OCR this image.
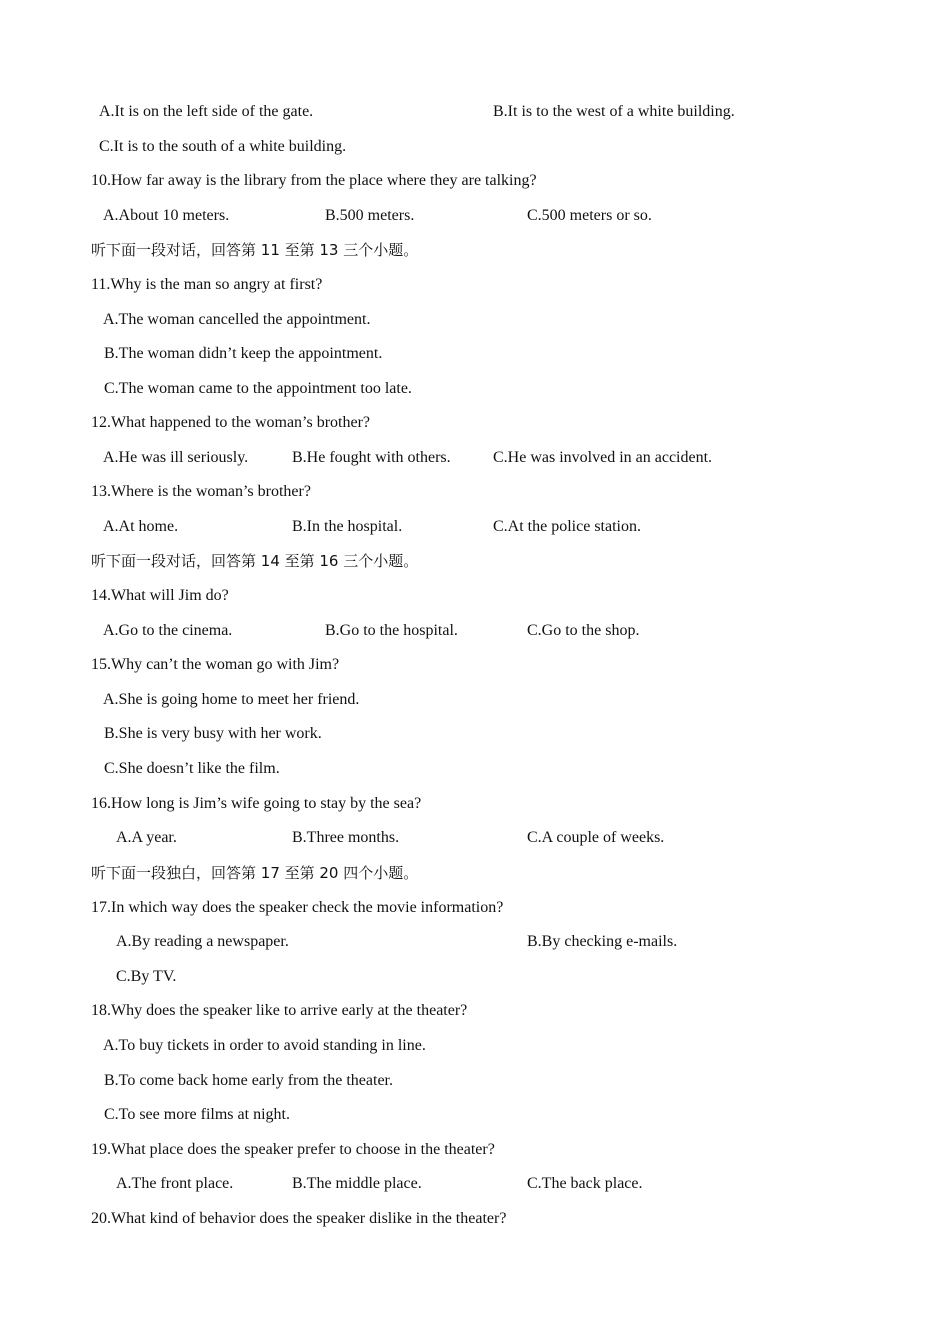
A.It is on the left side of the gate.	B.It is to the west of a white building.
C.It is to the south of a white building.
10.How far away is the library from the place where they are talking?
A.About 10 meters.	B.500 meters.	C.500 meters or so.
听下面一段对话，回答第 11 至第 13 三个小题。
11.Why is the man so angry at first?
A.The woman cancelled the appointment.
B.The woman didn’t keep the appointment.
C.The woman came to the appointment too late.
12.What happened to the woman’s brother?
A.He was ill seriously.	B.He fought with others.	C.He was involved in an accident.
13.Where is the woman’s brother?
A.At home.	B.In the hospital.	C.At the police station.
听下面一段对话，回答第 14 至第 16 三个小题。
14.What will Jim do?
A.Go to the cinema.	B.Go to the hospital.	C.Go to the shop.
15.Why can’t the woman go with Jim?
A.She is going home to meet her friend.
B.She is very busy with her work.
C.She doesn’t like the film.
16.How long is Jim’s wife going to stay by the sea?
A.A year.	B.Three months.	C.A couple of weeks.
听下面一段独白，回答第 17 至第 20 四个小题。
17.In which way does the speaker check the movie information?
A.By reading a newspaper.	B.By checking e-mails.
C.By TV.
18.Why does the speaker like to arrive early at the theater?
A.To buy tickets in order to avoid standing in line.
B.To come back home early from the theater.
C.To see more films at night.
19.What place does the speaker prefer to choose in the theater?
A.The front place.	B.The middle place.	C.The back place.
20.What kind of behavior does the speaker dislike in the theater?
